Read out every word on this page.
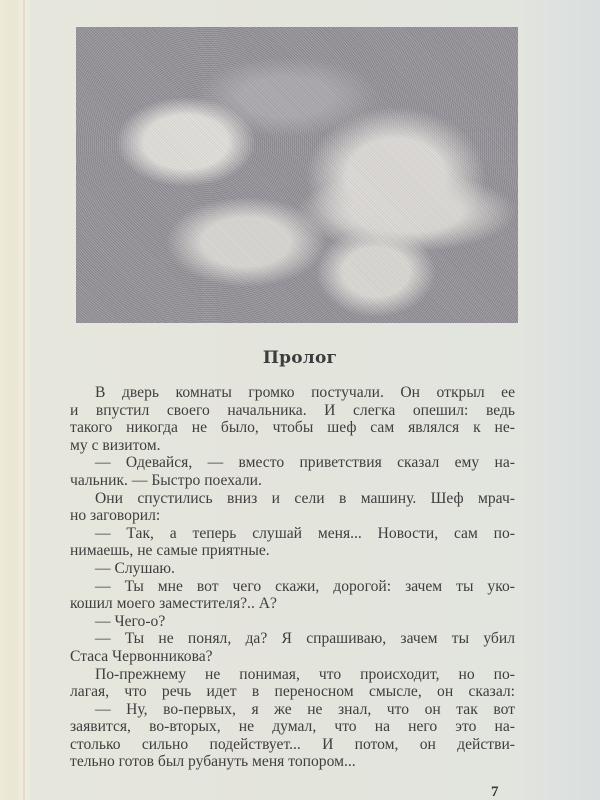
Пролог
В дверь комнаты громко постучали. Он открыл ее
и впустил своего начальника. И слегка опешил: ведь
такого никогда не было, чтобы шеф сам являлся к не-
му с визитом.
— Одевайся, — вместо приветствия сказал ему на-
чальник. — Быстро поехали.
Они спустились вниз и сели в машину. Шеф мрач-
но заговорил:
— Так, а теперь слушай меня... Новости, сам по-
нимаешь, не самые приятные.
— Слушаю.
— Ты мне вот чего скажи, дорогой: зачем ты уко-
кошил моего заместителя?.. А?
— Чего-о?
— Ты не понял, да? Я спрашиваю, зачем ты убил
Стаса Червонникова?
По-прежнему не понимая, что происходит, но по-
лагая, что речь идет в переносном смысле, он сказал:
— Ну, во-первых, я же не знал, что он так вот
заявится, во-вторых, не думал, что на него это на-
столько сильно подействует... И потом, он действи-
тельно готов был рубануть меня топором...
7
